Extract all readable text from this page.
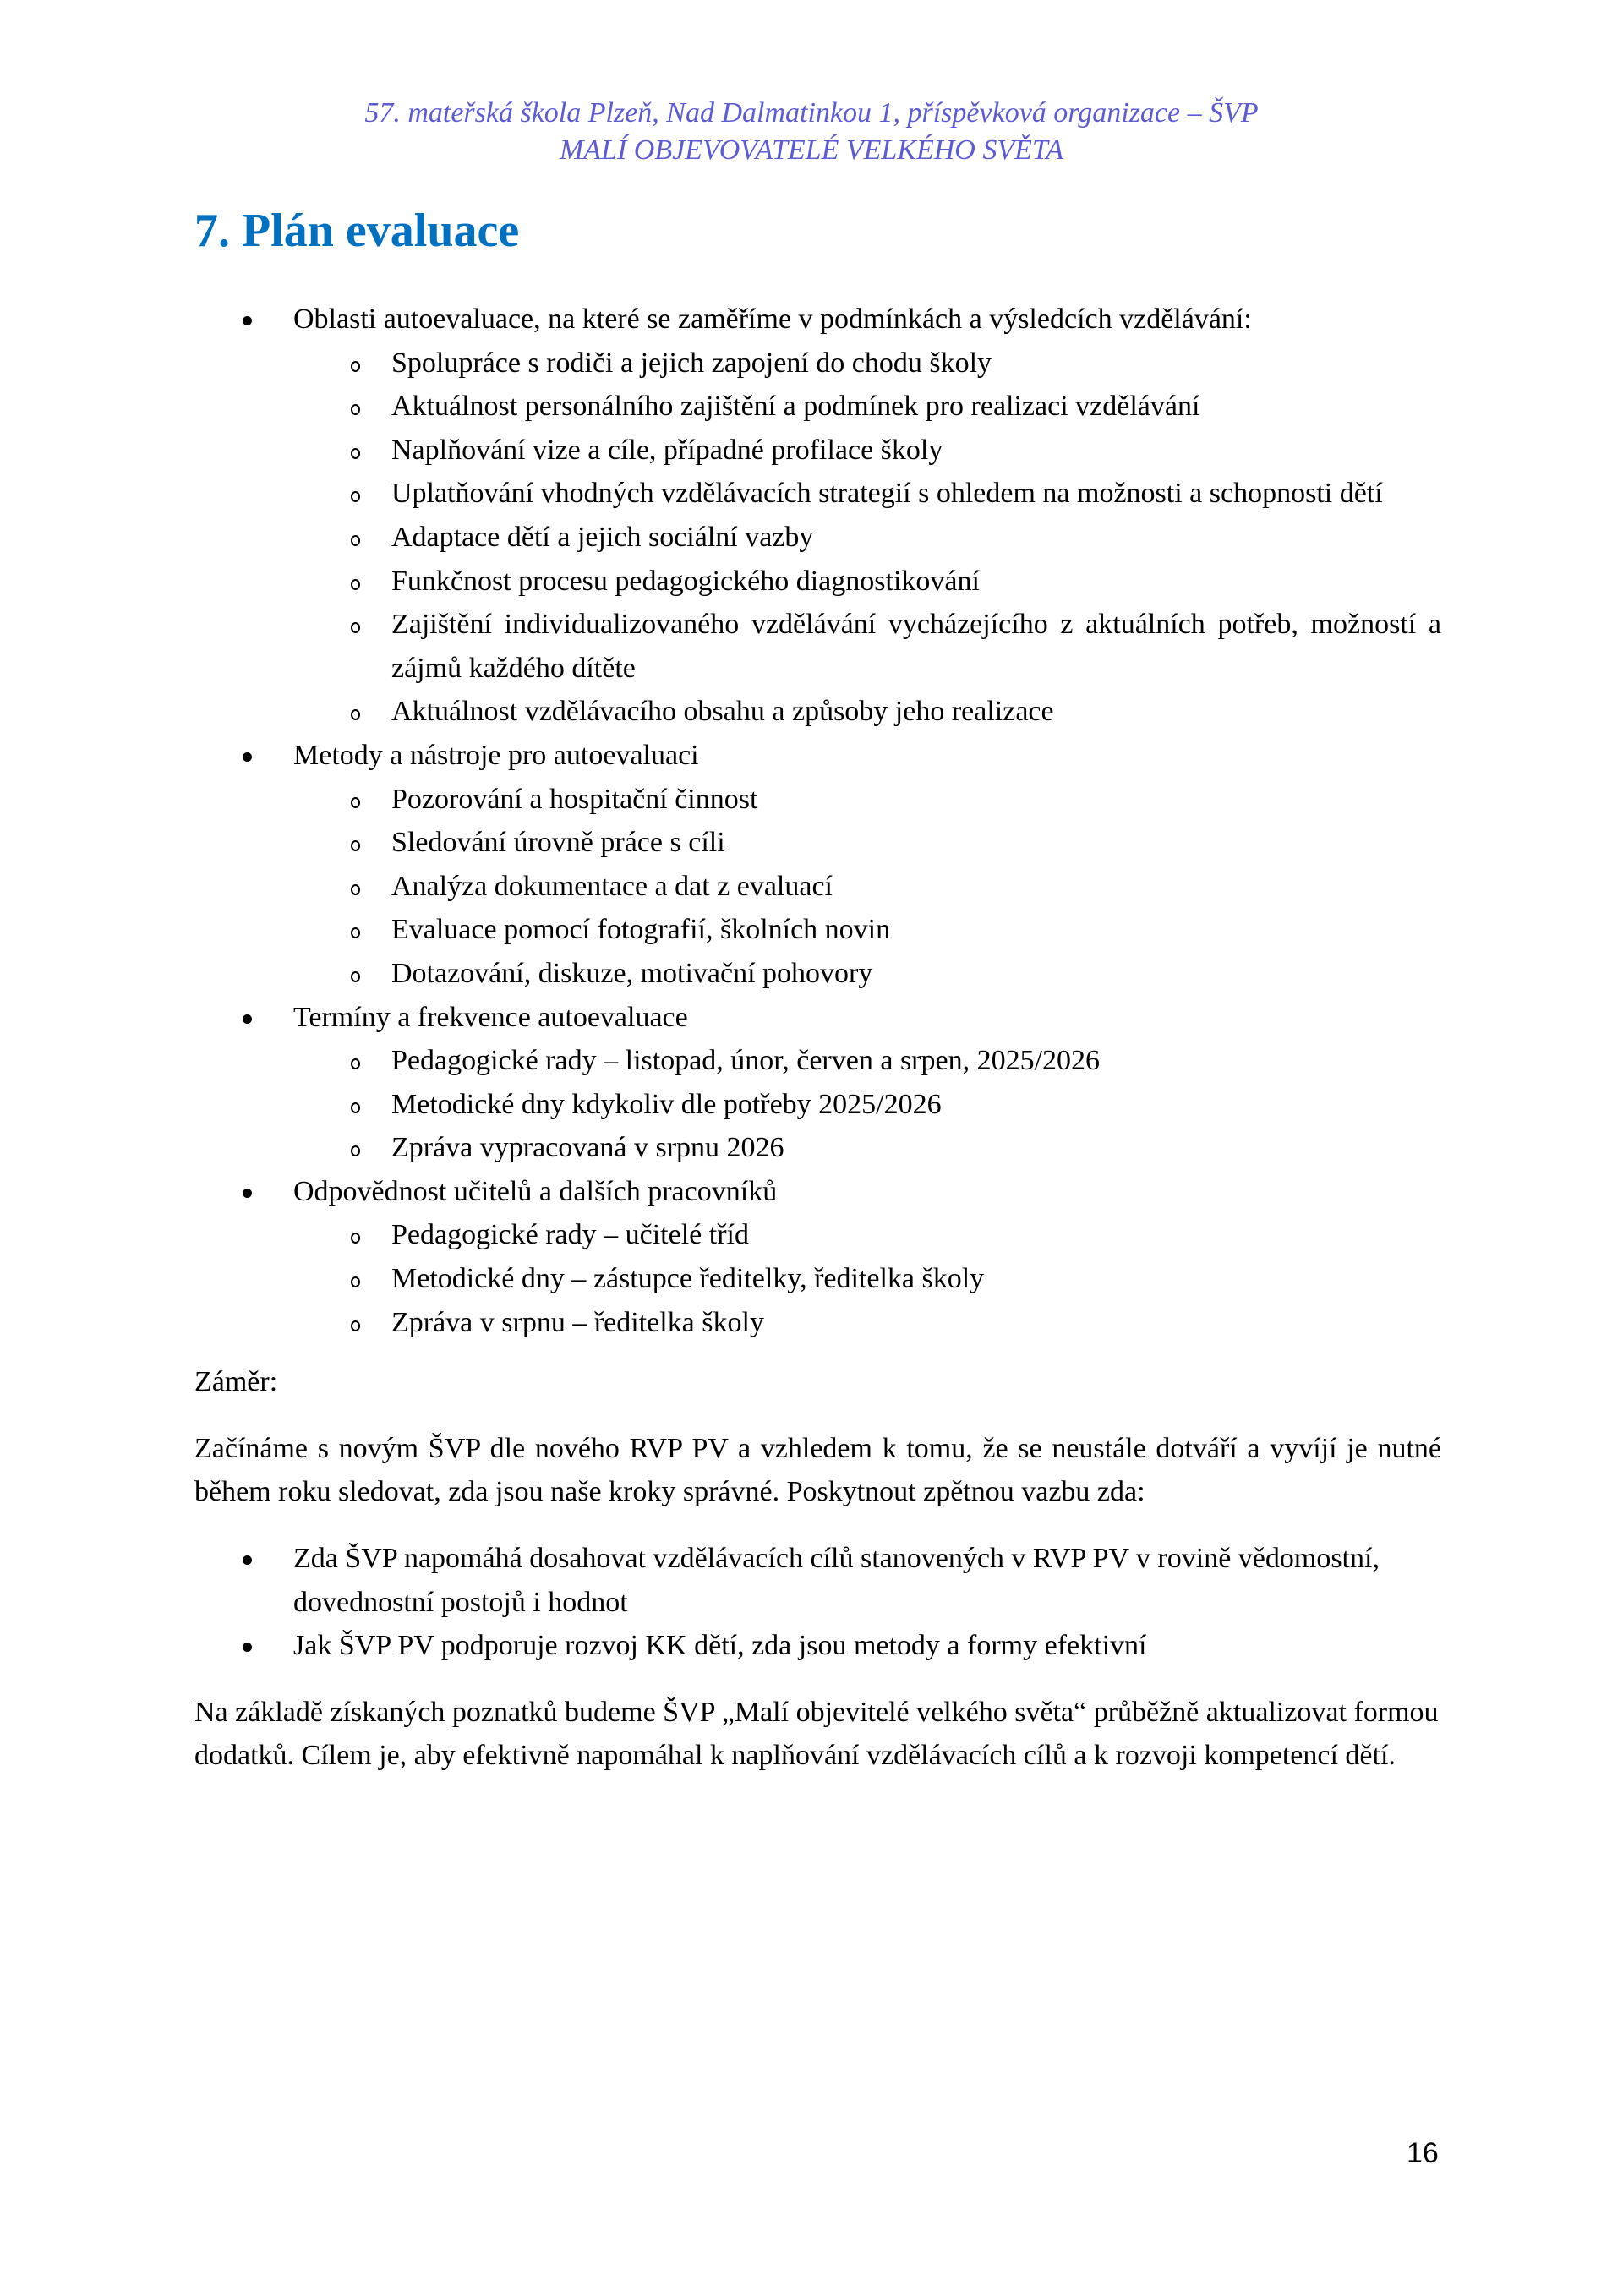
57. mateřská škola Plzeň, Nad Dalmatinkou 1, příspěvková organizace – ŠVP
MALÍ OBJEVOVATELÉ VELKÉHO SVĚTA
7. Plán evaluace
Oblasti autoevaluace, na které se zaměříme v podmínkách a výsledcích vzdělávání:
Spolupráce s rodiči a jejich zapojení do chodu školy
Aktuálnost personálního zajištění a podmínek pro realizaci vzdělávání
Naplňování vize a cíle, případné profilace školy
Uplatňování vhodných vzdělávacích strategií s ohledem na možnosti a schopnosti dětí
Adaptace dětí a jejich sociální vazby
Funkčnost procesu pedagogického diagnostikování
Zajištění individualizovaného vzdělávání vycházejícího z aktuálních potřeb, možností a zájmů každého dítěte
Aktuálnost vzdělávacího obsahu a způsoby jeho realizace
Metody a nástroje pro autoevaluaci
Pozorování a hospitační činnost
Sledování úrovně práce s cíli
Analýza dokumentace a dat z evaluací
Evaluace pomocí fotografií, školních novin
Dotazování, diskuze, motivační pohovory
Termíny a frekvence autoevaluace
Pedagogické rady – listopad, únor, červen a srpen, 2025/2026
Metodické dny kdykoliv dle potřeby 2025/2026
Zpráva vypracovaná v srpnu 2026
Odpovědnost učitelů a dalších pracovníků
Pedagogické rady – učitelé tříd
Metodické dny – zástupce ředitelky, ředitelka školy
Zpráva v srpnu – ředitelka školy

Záměr:

Začínáme s novým ŠVP dle nového RVP PV a vzhledem k tomu, že se neustále dotváří a vyvíjí je nutné během roku sledovat, zda jsou naše kroky správné. Poskytnout zpětnou vazbu zda:

Zda ŠVP napomáhá dosahovat vzdělávacích cílů stanovených v RVP PV v rovině vědomostní, dovednostní postojů i hodnot
Jak ŠVP PV podporuje rozvoj KK dětí, zda jsou metody a formy efektivní

Na základě získaných poznatků budeme ŠVP „Malí objevitelé velkého světa“ průběžně aktualizovat formou dodatků. Cílem je, aby efektivně napomáhal k naplňování vzdělávacích cílů a k rozvoji kompetencí dětí.

16
